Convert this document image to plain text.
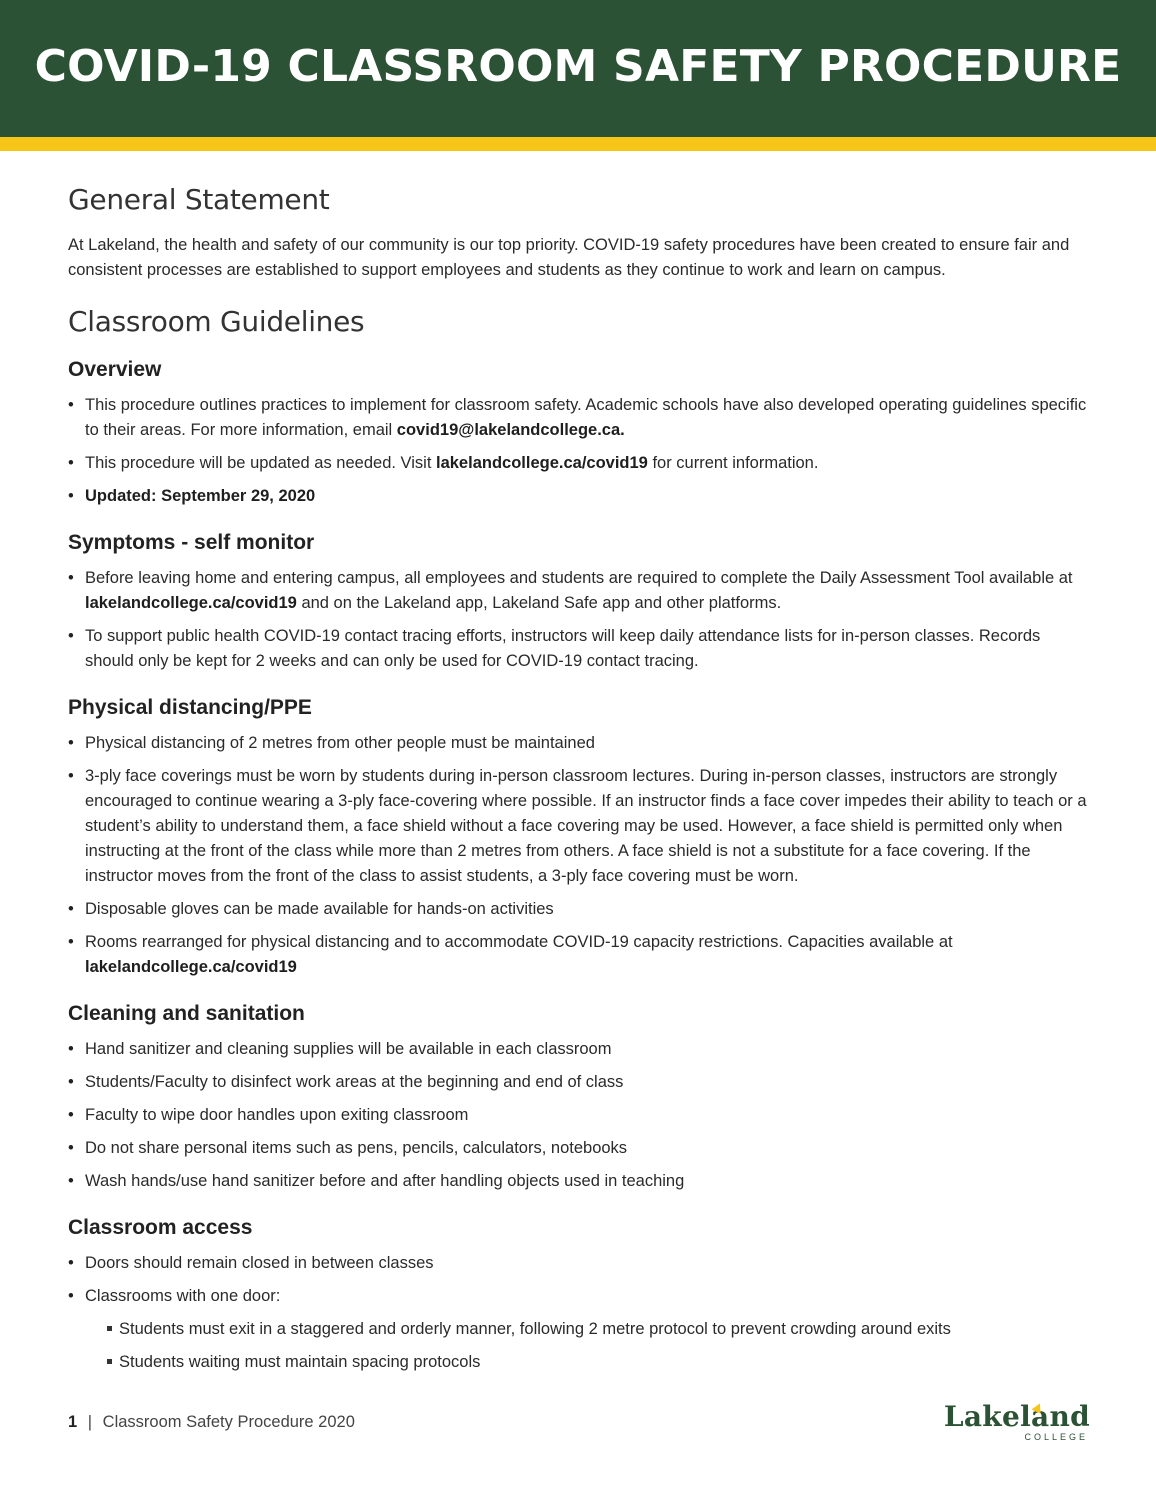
COVID-19 CLASSROOM SAFETY PROCEDURE
General Statement

At Lakeland, the health and safety of our community is our top priority. COVID-19 safety procedures have been created to ensure fair and consistent processes are established to support employees and students as they continue to work and learn on campus.

Classroom Guidelines
Overview
• This procedure outlines practices to implement for classroom safety. Academic schools have also developed operating guidelines specific to their areas. For more information, email covid19@lakelandcollege.ca.
• This procedure will be updated as needed. Visit lakelandcollege.ca/covid19 for current information.
• Updated: September 29, 2020
Symptoms - self monitor
• Before leaving home and entering campus, all employees and students are required to complete the Daily Assessment Tool available at lakelandcollege.ca/covid19 and on the Lakeland app, Lakeland Safe app and other platforms.
• To support public health COVID-19 contact tracing efforts, instructors will keep daily attendance lists for in-person classes. Records should only be kept for 2 weeks and can only be used for COVID-19 contact tracing.
Physical distancing/PPE
• Physical distancing of 2 metres from other people must be maintained
• 3-ply face coverings must be worn by students during in-person classroom lectures. During in-person classes, instructors are strongly encouraged to continue wearing a 3-ply face-covering where possible. If an instructor finds a face cover impedes their ability to teach or a student’s ability to understand them, a face shield without a face covering may be used. However, a face shield is permitted only when instructing at the front of the class while more than 2 metres from others. A face shield is not a substitute for a face covering. If the instructor moves from the front of the class to assist students, a 3-ply face covering must be worn.
• Disposable gloves can be made available for hands-on activities
• Rooms rearranged for physical distancing and to accommodate COVID-19 capacity restrictions. Capacities available at lakelandcollege.ca/covid19
Cleaning and sanitation
• Hand sanitizer and cleaning supplies will be available in each classroom
• Students/Faculty to disinfect work areas at the beginning and end of class
• Faculty to wipe door handles upon exiting classroom
• Do not share personal items such as pens, pencils, calculators, notebooks
• Wash hands/use hand sanitizer before and after handling objects used in teaching
Classroom access
• Doors should remain closed in between classes
• Classrooms with one door:
Students must exit in a staggered and orderly manner, following 2 metre protocol to prevent crowding around exits
Students waiting must maintain spacing protocols
1 | Classroom Safety Procedure 2020	Lakeland
COLLEGE
